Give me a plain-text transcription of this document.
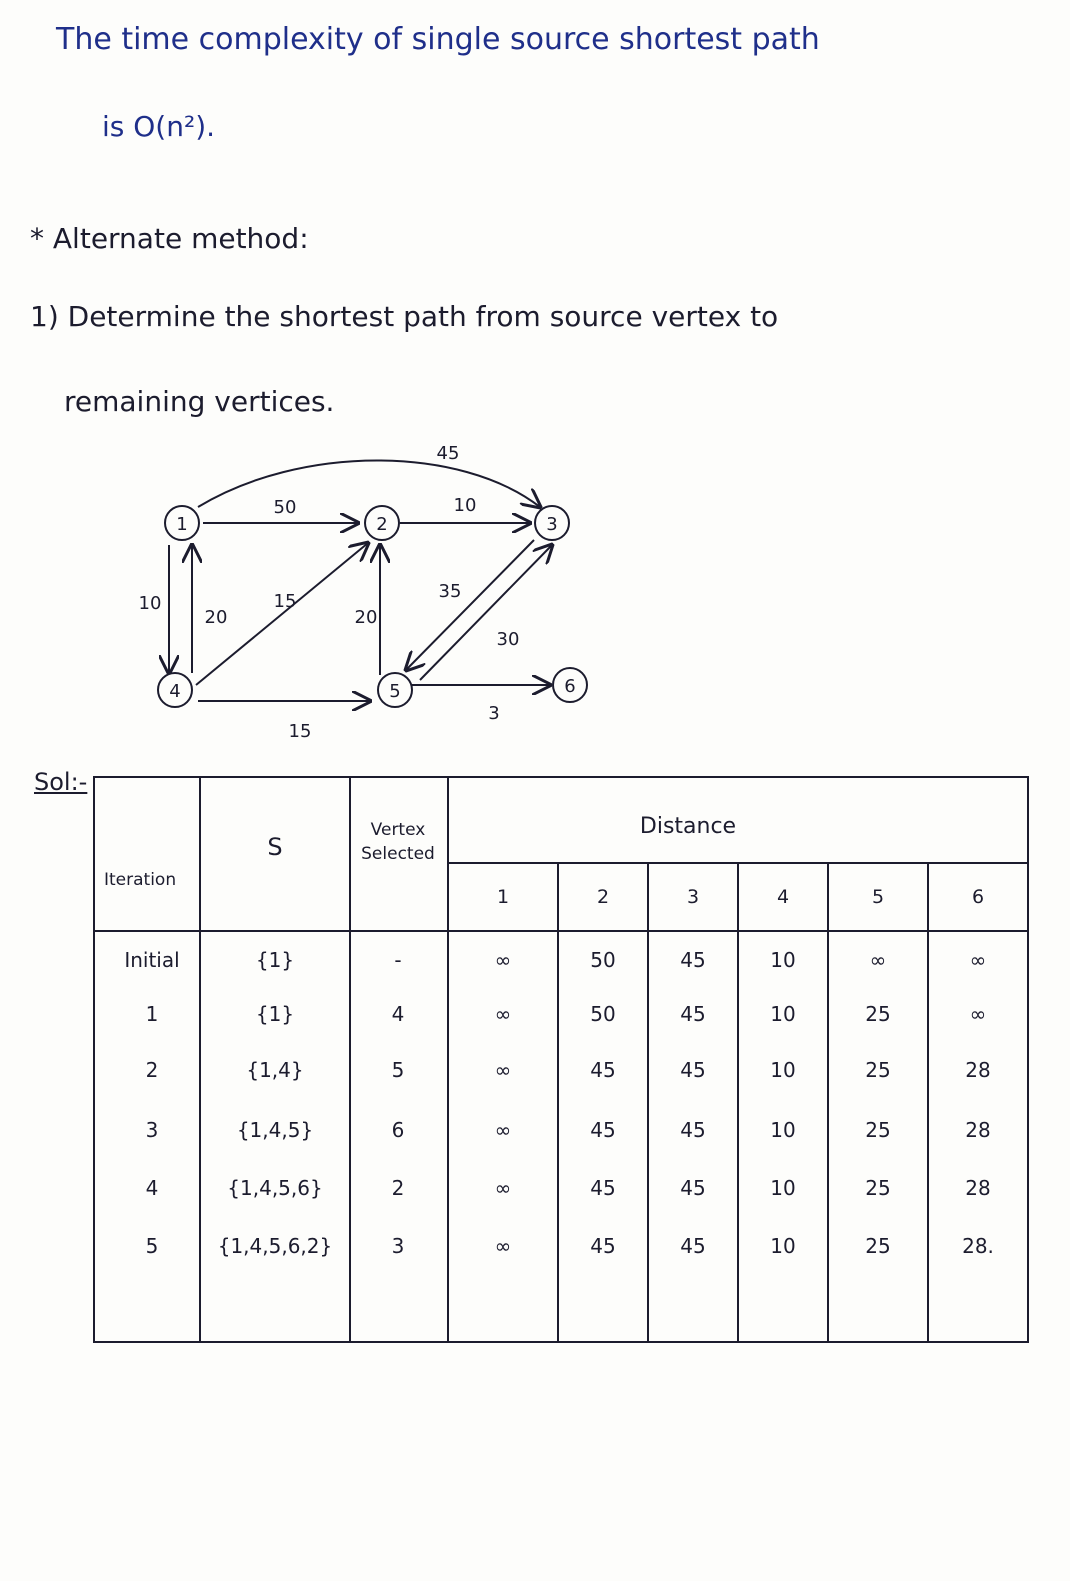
The time complexity of single source shortest path
is O(n²).
* Alternate method:
1) Determine the shortest path from source vertex to
remaining vertices.
Sol:-
1	2	3
4	5	6
50	10
45
10
20
15
20
35
30
15
3
Iteration
S
Vertex
Selected
Distance
1	2	3	4	5	6
Initial	{1}	-	∞	50	45	10	∞	∞
1	{1}	4	∞	50	45	10	25	∞
2	{1,4}	5	∞	45	45	10	25	28
3	{1,4,5}	6	∞	45	45	10	25	28
4	{1,4,5,6}	2	∞	45	45	10	25	28
5	{1,4,5,6,2}	3	∞	45	45	10	25	28.
